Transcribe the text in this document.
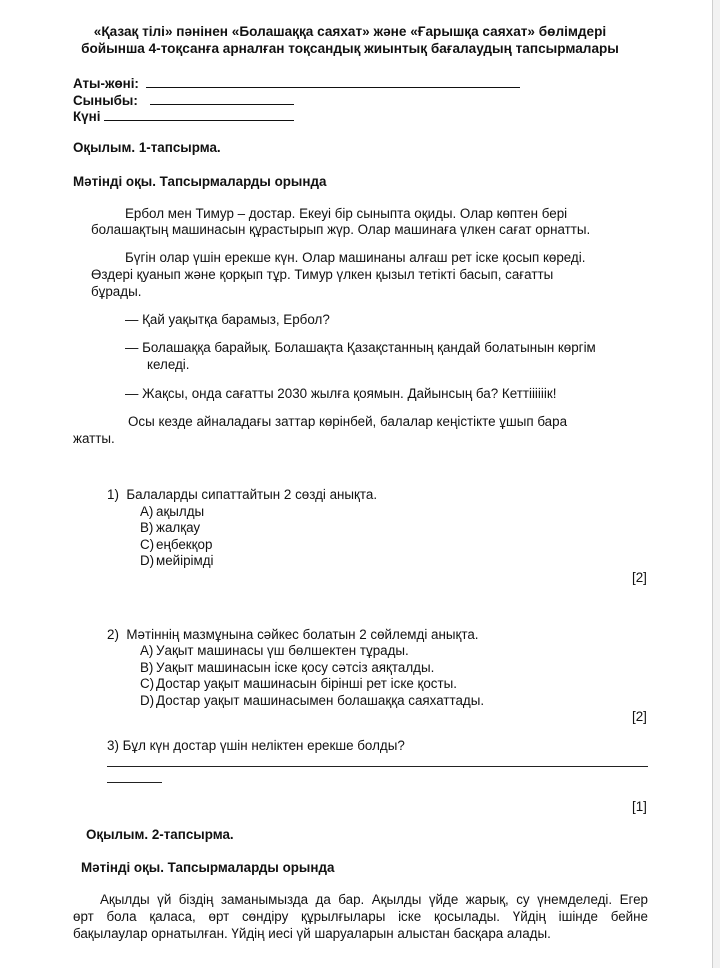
«Қазақ тілі» пәнінен «Болашаққа саяхат» және «Ғарышқа саяхат» бөлімдері
бойынша 4-тоқсанға арналған тоқсандық жиынтық бағалаудың тапсырмалары
Аты-жөні:
Сыныбы:
Күні
Оқылым. 1-тапсырма.
Мәтінді оқы. Тапсырмаларды орында
Ербол мен Тимур – достар. Екеуі бір сыныпта оқиды. Олар көптен бері
болашақтың машинасын құрастырып жүр. Олар машинаға үлкен сағат орнатты.
Бүгін олар үшін ерекше күн. Олар машинаны алғаш рет іске қосып көреді.
Өздері қуанып және қорқып тұр. Тимур үлкен қызыл тетікті басып, сағатты
бұрады.
— Қай уақытқа барамыз, Ербол?
— Болашаққа барайық. Болашақта Қазақстанның қандай болатынын көргім
келеді.
— Жақсы, онда сағатты 2030 жылға қоямын. Дайынсың ба? Кеттіііііік!
Осы кезде айналадағы заттар көрінбей, балалар кеңістікте ұшып бара
жатты.
1) Балаларды сипаттайтын 2 сөзді анықта.
A) ақылды
B) жалқау
C) еңбекқор
D) мейірімді
[2]
2) Мәтіннің мазмұнына сәйкес болатын 2 сөйлемді анықта.
A) Уақыт машинасы үш бөлшектен тұрады.
B) Уақыт машинасын іске қосу сәтсіз аяқталды.
C) Достар уақыт машинасын бірінші рет іске қосты.
D) Достар уақыт машинасымен болашаққа саяхаттады.
[2]
3) Бұл күн достар үшін неліктен ерекше болды?
[1]
Оқылым. 2-тапсырма.
Мәтінді оқы. Тапсырмаларды орында
Ақылды үй біздің заманымызда да бар. Ақылды үйде жарық, су үнемделеді. Егер
өрт бола қаласа, өрт сөндіру құрылғылары іске қосылады. Үйдің ішінде бейне
бақылаулар орнатылған. Үйдің иесі үй шаруаларын алыстан басқара алады.
